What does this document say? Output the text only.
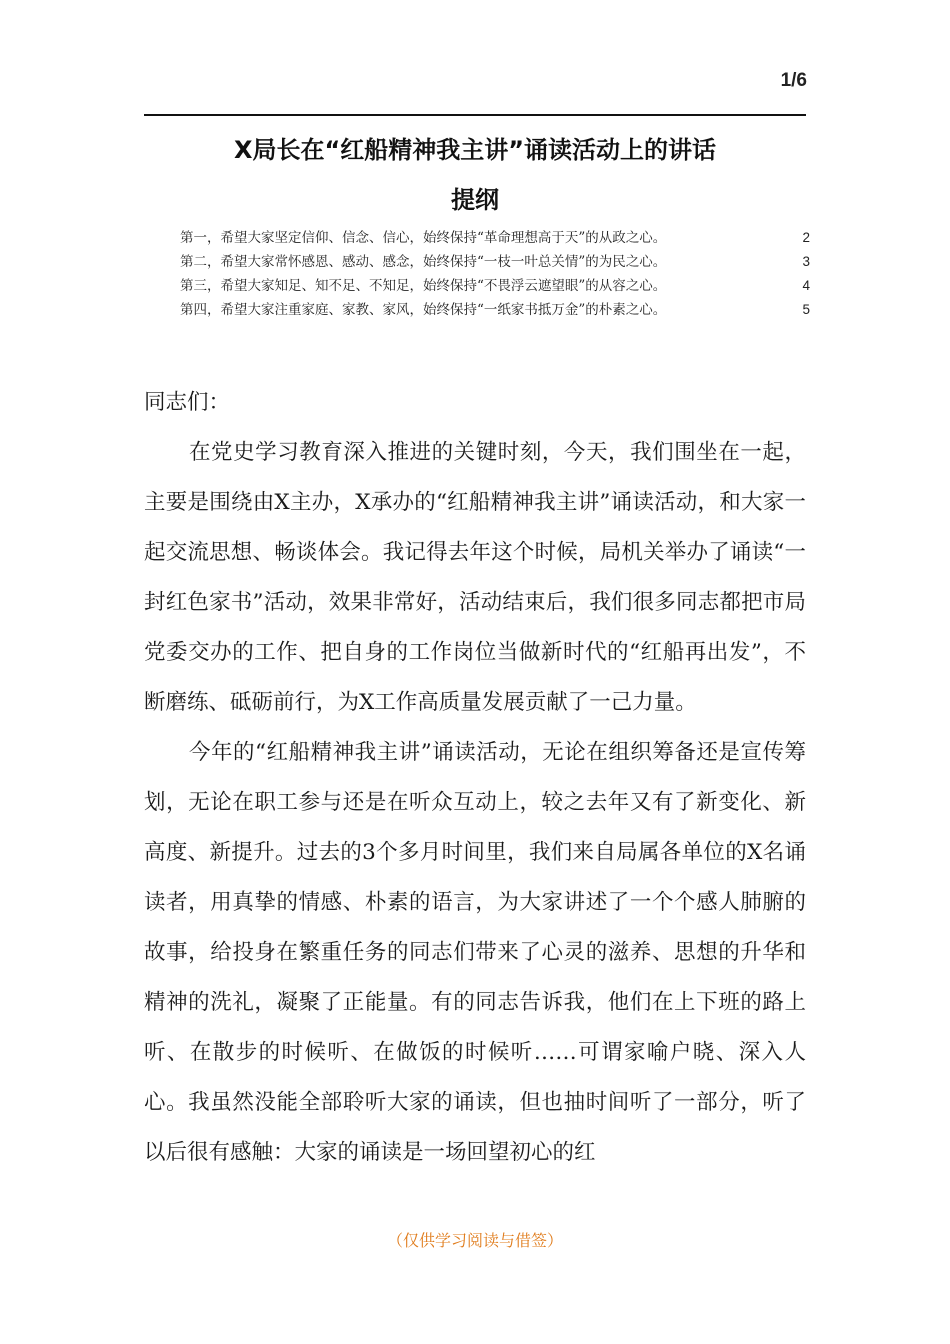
1/6
X局长在“红船精神我主讲”诵读活动上的讲话
提纲
第一，希望大家坚定信仰、信念、信心，始终保持“革命理想高于天”的从政之心。	2
第二，希望大家常怀感恩、感动、感念，始终保持“一枝一叶总关情”的为民之心。	3
第三，希望大家知足、知不足、不知足，始终保持“不畏浮云遮望眼”的从容之心。	4
第四，希望大家注重家庭、家教、家风，始终保持“一纸家书抵万金”的朴素之心。	5

同志们：

在党史学习教育深入推进的关键时刻，今天，我们围坐在一起，主要是围绕由X主办，X承办的“红船精神我主讲”诵读活动，和大家一起交流思想、畅谈体会。我记得去年这个时候，局机关举办了诵读“一封红色家书”活动，效果非常好，活动结束后，我们很多同志都把市局党委交办的工作、把自身的工作岗位当做新时代的“红船再出发”，不断磨练、砥砺前行，为X工作高质量发展贡献了一己力量。

今年的“红船精神我主讲”诵读活动，无论在组织筹备还是宣传筹划，无论在职工参与还是在听众互动上，较之去年又有了新变化、新高度、新提升。过去的3个多月时间里，我们来自局属各单位的X名诵读者，用真挚的情感、朴素的语言，为大家讲述了一个个感人肺腑的故事，给投身在繁重任务的同志们带来了心灵的滋养、思想的升华和精神的洗礼，凝聚了正能量。有的同志告诉我，他们在上下班的路上听、在散步的时候听、在做饭的时候听……可谓家喻户晓、深入人心。我虽然没能全部聆听大家的诵读，但也抽时间听了一部分，听了以后很有感触：大家的诵读是一场回望初心的红

（仅供学习阅读与借签）
